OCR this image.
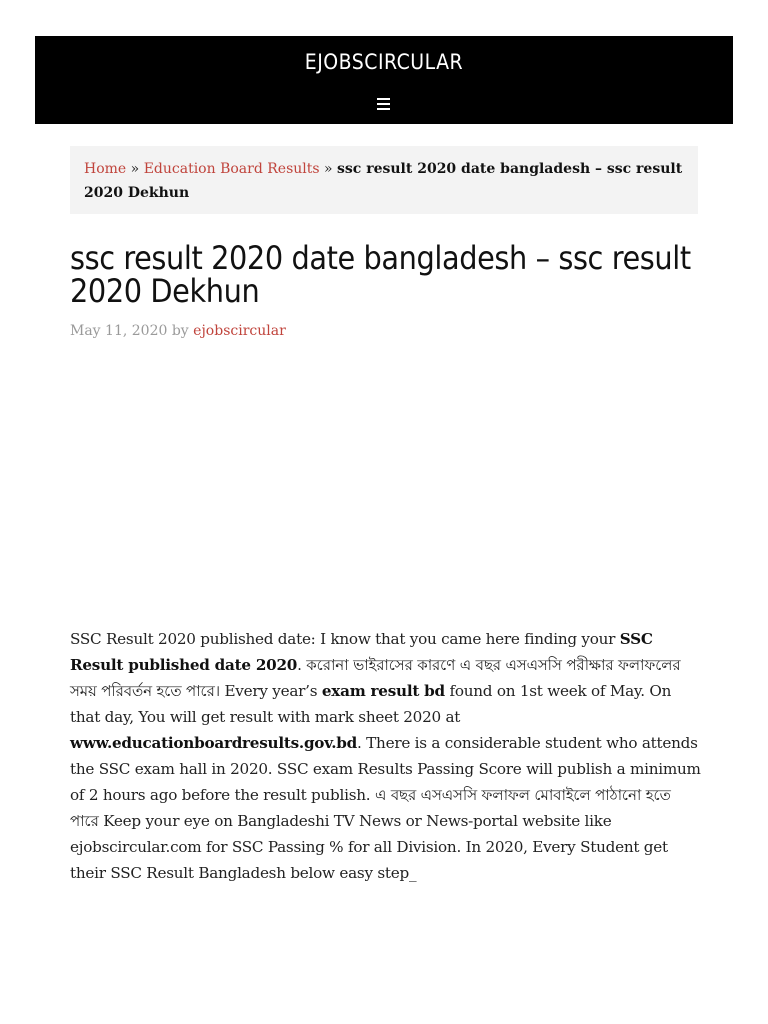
EJOBSCIRCULAR
Home » Education Board Results » ssc result 2020 date bangladesh – ssc result 2020 Dekhun
ssc result 2020 date bangladesh – ssc result 2020 Dekhun
May 11, 2020 by ejobscircular

SSC Result 2020 published date: I know that you came here finding your SSC Result published date 2020. করোনা ভাইরাসের কারণে এ বছর এসএসসি পরীক্ষার ফলাফলের সময় পরিবর্তন হতে পারে। Every year’s exam result bd found on 1st week of May. On that day, You will get result with mark sheet 2020 at www.educationboardresults.gov.bd. There is a considerable student who attends the SSC exam hall in 2020. SSC exam Results Passing Score will publish a minimum of 2 hours ago before the result publish. এ বছর এসএসসি ফলাফল মোবাইলে পাঠানো হতে পারে Keep your eye on Bangladeshi TV News or News-portal website like ejobscircular.com for SSC Passing % for all Division. In 2020, Every Student get their SSC Result Bangladesh below easy step_
